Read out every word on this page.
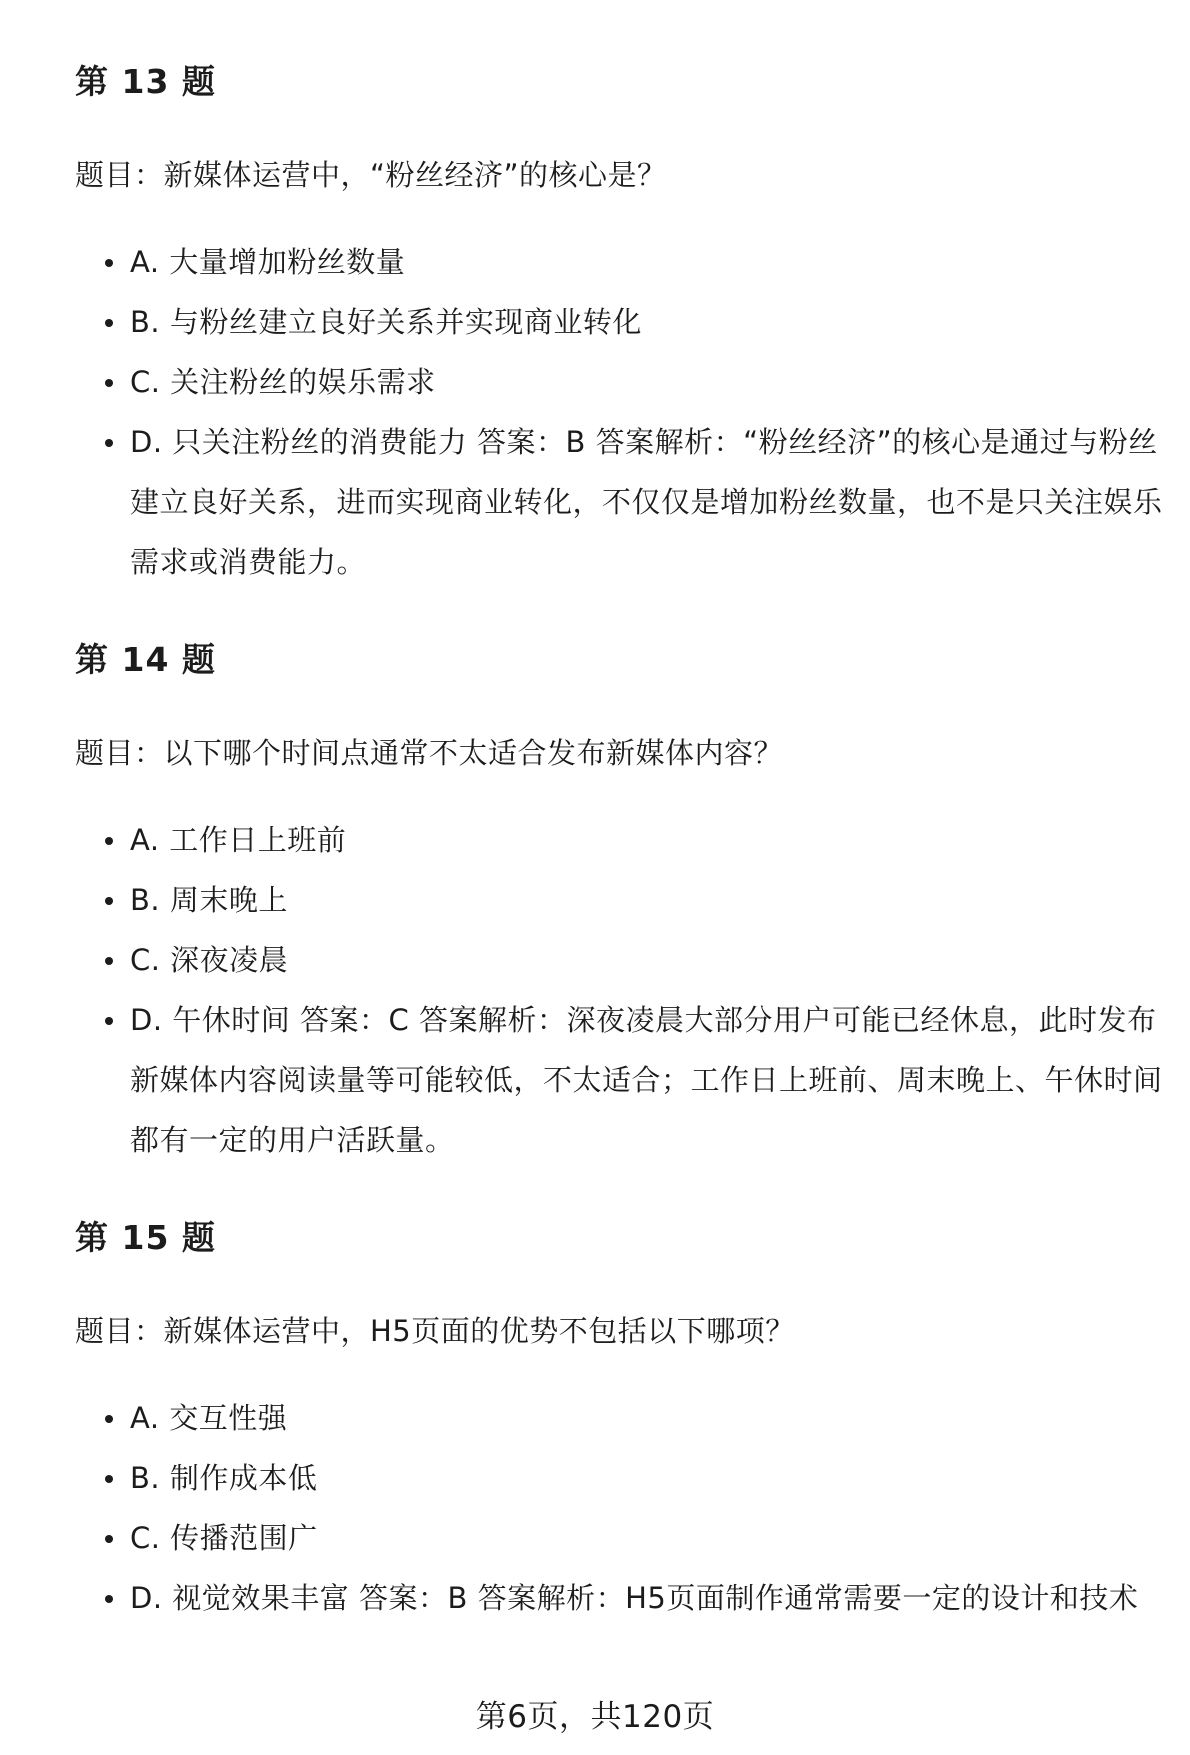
第 13 题
题目：新媒体运营中，“粉丝经济”的核心是？
A. 大量增加粉丝数量
B. 与粉丝建立良好关系并实现商业转化
C. 关注粉丝的娱乐需求
D. 只关注粉丝的消费能力 答案：B 答案解析：“粉丝经济”的核心是通过与粉丝建立良好关系，进而实现商业转化，不仅仅是增加粉丝数量，也不是只关注娱乐需求或消费能力。
第 14 题
题目：以下哪个时间点通常不太适合发布新媒体内容？
A. 工作日上班前
B. 周末晚上
C. 深夜凌晨
D. 午休时间 答案：C 答案解析：深夜凌晨大部分用户可能已经休息，此时发布新媒体内容阅读量等可能较低，不太适合；工作日上班前、周末晚上、午休时间都有一定的用户活跃量。
第 15 题
题目：新媒体运营中，H5页面的优势不包括以下哪项？
A. 交互性强
B. 制作成本低
C. 传播范围广
D. 视觉效果丰富 答案：B 答案解析：H5页面制作通常需要一定的设计和技术
第6页，共120页
